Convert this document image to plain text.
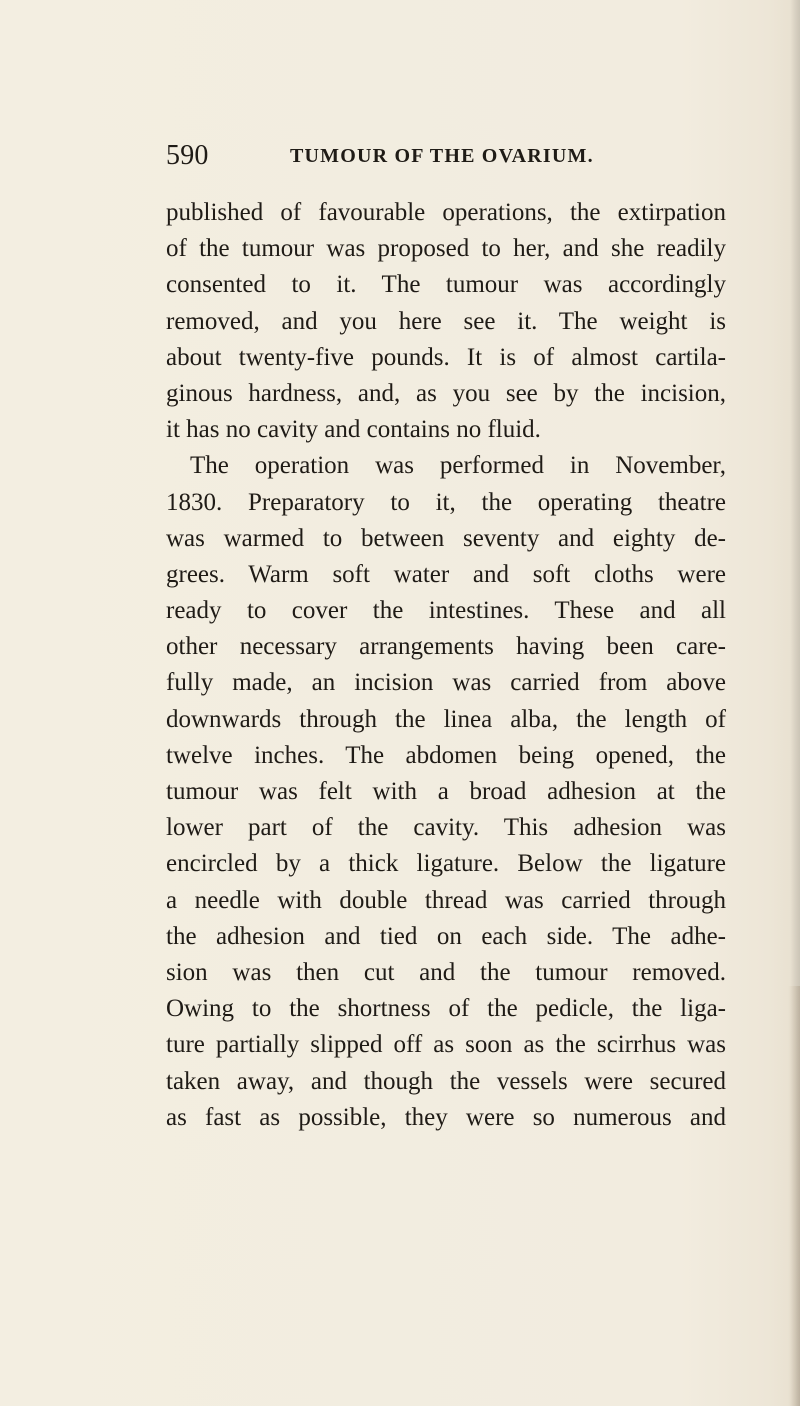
590	TUMOUR OF THE OVARIUM.
published of favourable operations, the extirpation
of the tumour was proposed to her, and she readily
consented to it. The tumour was accordingly
removed, and you here see it. The weight is
about twenty-five pounds. It is of almost cartila-
ginous hardness, and, as you see by the incision,
it has no cavity and contains no fluid.
The operation was performed in November,
1830. Preparatory to it, the operating theatre
was warmed to between seventy and eighty de-
grees. Warm soft water and soft cloths were
ready to cover the intestines. These and all
other necessary arrangements having been care-
fully made, an incision was carried from above
downwards through the linea alba, the length of
twelve inches. The abdomen being opened, the
tumour was felt with a broad adhesion at the
lower part of the cavity. This adhesion was
encircled by a thick ligature. Below the ligature
a needle with double thread was carried through
the adhesion and tied on each side. The adhe-
sion was then cut and the tumour removed.
Owing to the shortness of the pedicle, the liga-
ture partially slipped off as soon as the scirrhus was
taken away, and though the vessels were secured
as fast as possible, they were so numerous and
